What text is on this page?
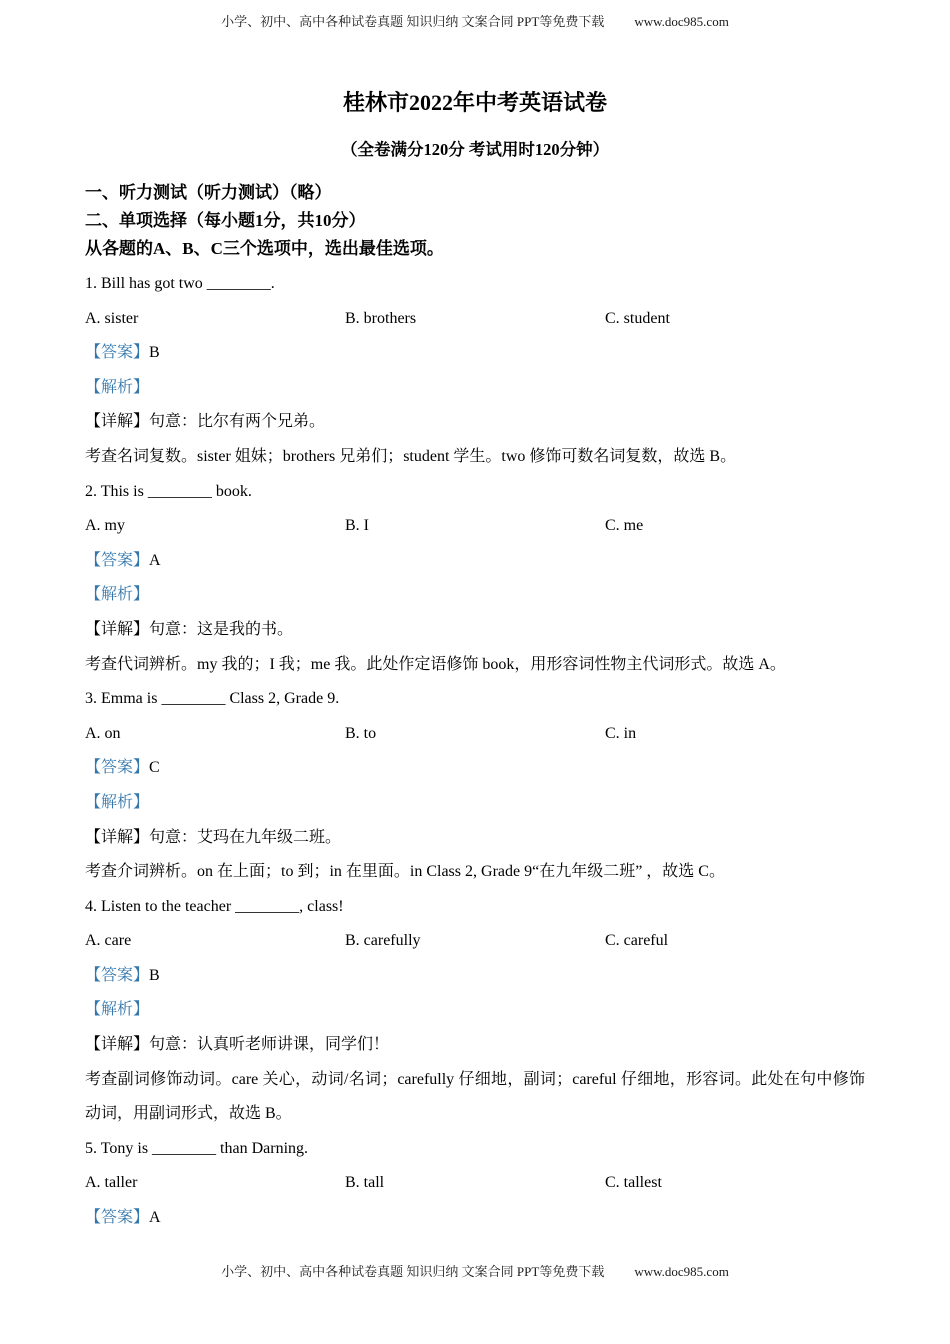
小学、初中、高中各种试卷真题 知识归纳 文案合同 PPT等免费下载 www.doc985.com
桂林市2022年中考英语试卷
（全卷满分120分 考试用时120分钟）
一、听力测试（听力测试）（略）
二、单项选择（每小题1分，共10分）
从各题的A、B、C三个选项中，选出最佳选项。

1. Bill has got two ________.

A. sister	B. brothers	C. student

【答案】B

【解析】

【详解】句意：比尔有两个兄弟。

考查名词复数。sister 姐妹；brothers 兄弟们；student 学生。two 修饰可数名词复数，故选 B。

2. This is ________ book.

A. my	B. I	C. me

【答案】A

【解析】

【详解】句意：这是我的书。

考查代词辨析。my 我的；I 我；me 我。此处作定语修饰 book，用形容词性物主代词形式。故选 A。

3. Emma is ________ Class 2, Grade 9.

A. on	B. to	C. in

【答案】C

【解析】

【详解】句意：艾玛在九年级二班。

考查介词辨析。on 在上面；to 到；in 在里面。in Class 2, Grade 9“在九年级二班” ，故选 C。

4. Listen to the teacher ________, class!

A. care	B. carefully	C. careful

【答案】B

【解析】

【详解】句意：认真听老师讲课，同学们！

考查副词修饰动词。care 关心，动词/名词；carefully 仔细地，副词；careful 仔细地，形容词。此处在句中修饰动词，用副词形式，故选 B。

5. Tony is ________ than Darning.

A. taller	B. tall	C. tallest

【答案】A

小学、初中、高中各种试卷真题 知识归纳 文案合同 PPT等免费下载 www.doc985.com
